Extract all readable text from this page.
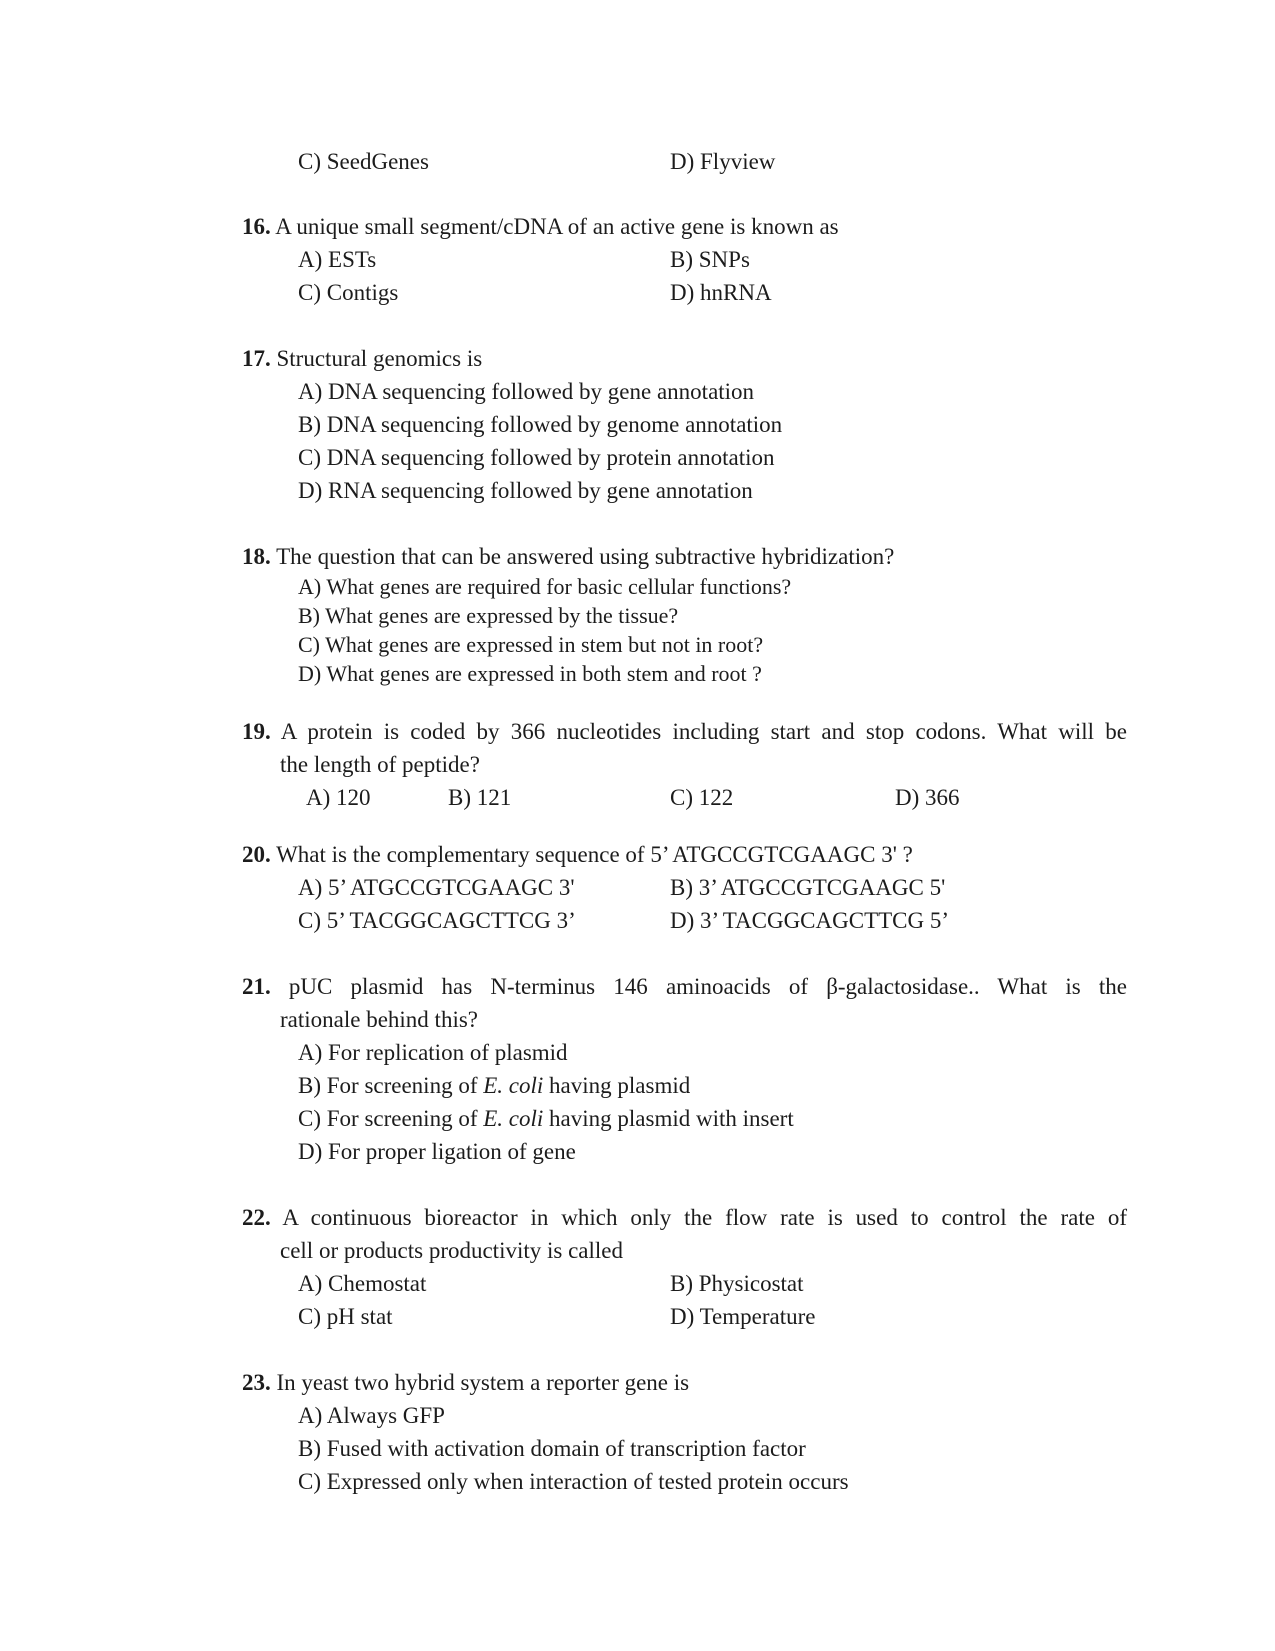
C) SeedGenes	D) Flyview
16. A unique small segment/cDNA of an active gene is known as
A) ESTs	B) SNPs
C) Contigs	D) hnRNA
17. Structural genomics is
A) DNA sequencing followed by gene annotation
B) DNA sequencing followed by genome annotation
C) DNA sequencing followed by protein annotation
D) RNA sequencing followed by gene annotation
18. The question that can be answered using subtractive hybridization?
A) What genes are required for basic cellular functions?
B) What genes are expressed by the tissue?
C) What genes are expressed in stem but not in root?
D) What genes are expressed in both stem and root ?
19. A protein is coded by 366 nucleotides including start and stop codons. What will be
the length of peptide?
A) 120	B) 121	C) 122	D) 366
20. What is the complementary sequence of 5’ ATGCCGTCGAAGC 3' ?
A) 5’ ATGCCGTCGAAGC 3'	B) 3’ ATGCCGTCGAAGC 5'
C) 5’ TACGGCAGCTTCG 3’	D) 3’ TACGGCAGCTTCG 5’
21. pUC plasmid has N-terminus 146 aminoacids of β-galactosidase.. What is the
rationale behind this?
A) For replication of plasmid
B) For screening of E. coli having plasmid
C) For screening of E. coli having plasmid with insert
D) For proper ligation of gene
22. A continuous bioreactor in which only the flow rate is used to control the rate of
cell or products productivity is called
A) Chemostat	B) Physicostat
C) pH stat	D) Temperature
23. In yeast two hybrid system a reporter gene is
A) Always GFP
B) Fused with activation domain of transcription factor
C) Expressed only when interaction of tested protein occurs
